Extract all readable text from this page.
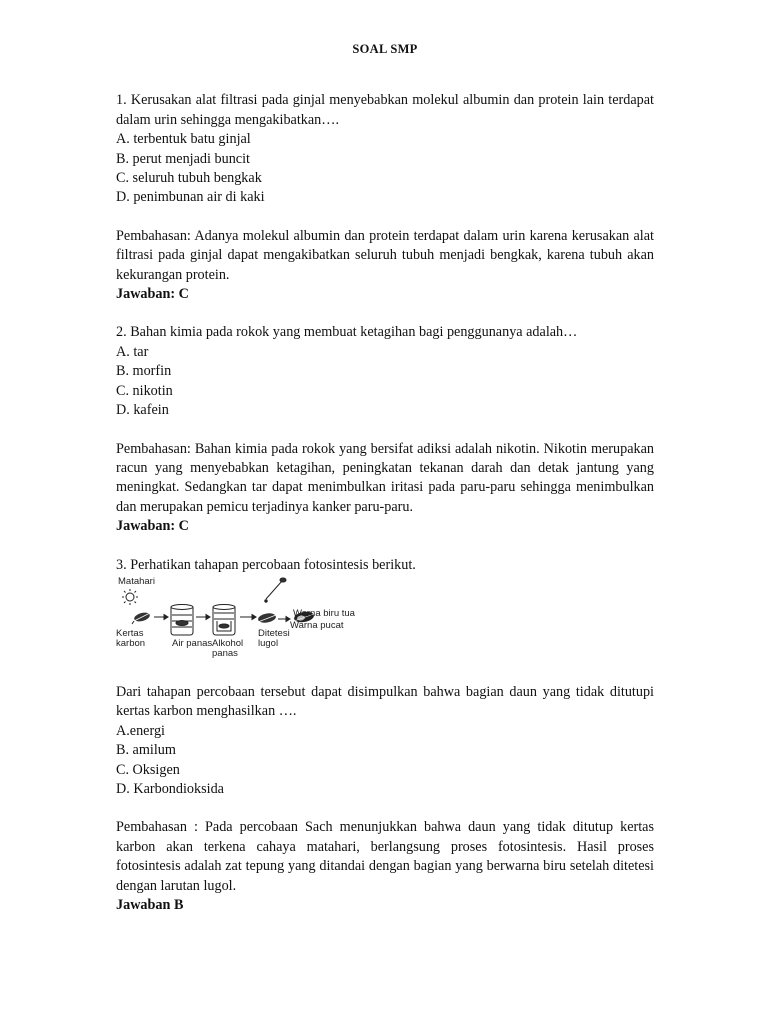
SOAL SMP

1. Kerusakan alat filtrasi pada ginjal menyebabkan molekul albumin dan protein lain terdapat dalam urin sehingga mengakibatkan….

A. terbentuk batu ginjal

B. perut menjadi buncit

C. seluruh tubuh bengkak

D. penimbunan air di kaki

Pembahasan: Adanya molekul albumin dan protein terdapat dalam urin karena kerusakan alat filtrasi pada ginjal dapat mengakibatkan seluruh tubuh menjadi bengkak, karena tubuh akan kekurangan protein.

Jawaban: C

2. Bahan kimia pada rokok yang membuat ketagihan bagi penggunanya adalah…

A. tar

B. morfin

C. nikotin

D. kafein

Pembahasan: Bahan kimia pada rokok yang bersifat adiksi adalah nikotin. Nikotin merupakan racun yang menyebabkan ketagihan, peningkatan tekanan darah dan detak jantung yang meningkat. Sedangkan tar dapat menimbulkan iritasi pada paru-paru sehingga menimbulkan dan merupakan pemicu terjadinya kanker paru-paru.

Jawaban: C

3. Perhatikan tahapan percobaan fotosintesis berikut.

Matahari
Kertas karbon	Air panas Alkohol panas
Ditetesi lugol
Warna biru tua
Warna pucat

Dari tahapan percobaan tersebut dapat disimpulkan bahwa bagian daun yang tidak ditutupi kertas karbon menghasilkan ….

A.energi

B. amilum

C. Oksigen

D. Karbondioksida

Pembahasan : Pada percobaan Sach menunjukkan bahwa daun yang tidak ditutup kertas karbon akan terkena cahaya matahari, berlangsung proses fotosintesis. Hasil proses fotosintesis adalah zat tepung yang ditandai dengan bagian yang berwarna biru setelah ditetesi dengan larutan lugol.

Jawaban B
